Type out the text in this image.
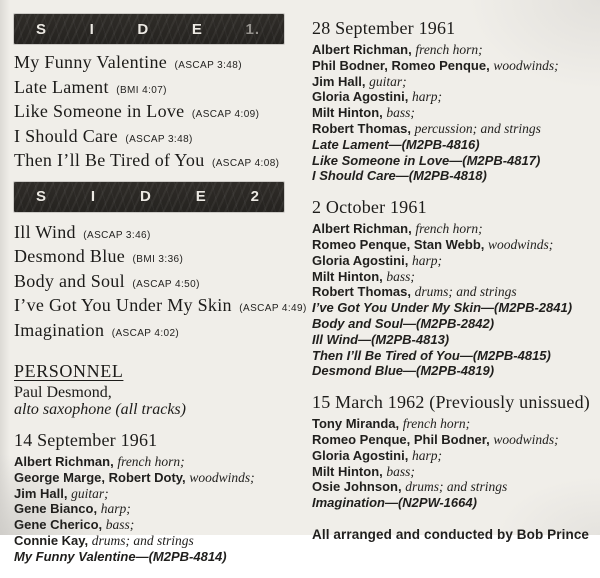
S	I	D	E	1.
My Funny Valentine (ASCAP 3:48)
Late Lament (BMI 4:07)
Like Someone in Love (ASCAP 4:09)
I Should Care (ASCAP 3:48)
Then I’ll Be Tired of You (ASCAP 4:08)
S	I	D	E	2
Ill Wind (ASCAP 3:46)
Desmond Blue (BMI 3:36)
Body and Soul (ASCAP 4:50)
I’ve Got You Under My Skin (ASCAP 4:49)
Imagination (ASCAP 4:02)
PERSONNEL
Paul Desmond,
alto saxophone (all tracks)
14 September 1961
Albert Richman, french horn;
George Marge, Robert Doty, woodwinds;
Jim Hall, guitar;
Gene Bianco, harp;
Gene Cherico, bass;
Connie Kay, drums; and strings
My Funny Valentine—(M2PB-4814)
28 September 1961
Albert Richman, french horn;
Phil Bodner, Romeo Penque, woodwinds;
Jim Hall, guitar;
Gloria Agostini, harp;
Milt Hinton, bass;
Robert Thomas, percussion; and strings
Late Lament—(M2PB-4816)
Like Someone in Love—(M2PB-4817)
I Should Care—(M2PB-4818)
2 October 1961
Albert Richman, french horn;
Romeo Penque, Stan Webb, woodwinds;
Gloria Agostini, harp;
Milt Hinton, bass;
Robert Thomas, drums; and strings
I’ve Got You Under My Skin—(M2PB-2841)
Body and Soul—(M2PB-2842)
Ill Wind—(M2PB-4813)
Then I’ll Be Tired of You—(M2PB-4815)
Desmond Blue—(M2PB-4819)
15 March 1962 (Previously unissued)
Tony Miranda, french horn;
Romeo Penque, Phil Bodner, woodwinds;
Gloria Agostini, harp;
Milt Hinton, bass;
Osie Johnson, drums; and strings
Imagination—(N2PW-1664)
All arranged and conducted by Bob Prince
